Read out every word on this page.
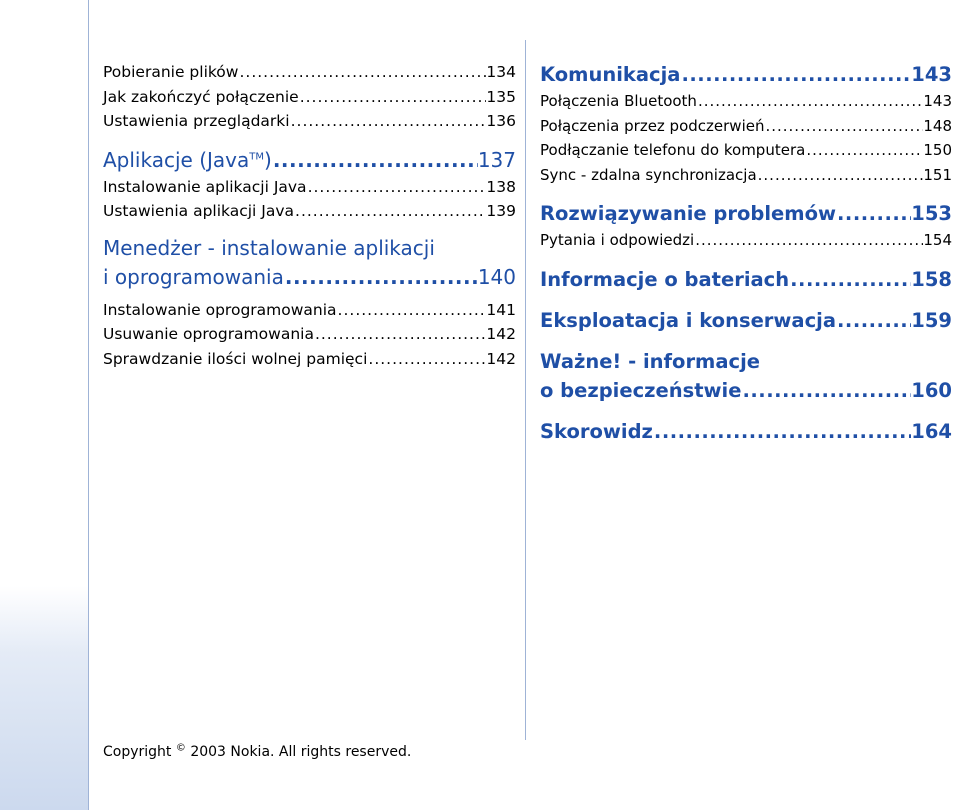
Pobieranie plików .....	134
Jak zakończyć połączenie .....	135
Ustawienia przeglądarki .....	136
Aplikacje (Java™) .....	137
Instalowanie aplikacji Java .....	138
Ustawienia aplikacji Java .....	139
Menedżer - instalowanie aplikacji
i oprogramowania .....	140
Instalowanie oprogramowania .....	141
Usuwanie oprogramowania .....	142
Sprawdzanie ilości wolnej pamięci .....	142
Komunikacja .....	143
Połączenia Bluetooth .....	143
Połączenia przez podczerwień .....	148
Podłączanie telefonu do komputera .....	150
Sync - zdalna synchronizacja .....	151
Rozwiązywanie problemów .....	153
Pytania i odpowiedzi .....	154
Informacje o bateriach .....	158
Eksploatacja i konserwacja .....	159
Ważne! - informacje
o bezpieczeństwie .....	160
Skorowidz .....	164
Copyright © 2003 Nokia. All rights reserved.
